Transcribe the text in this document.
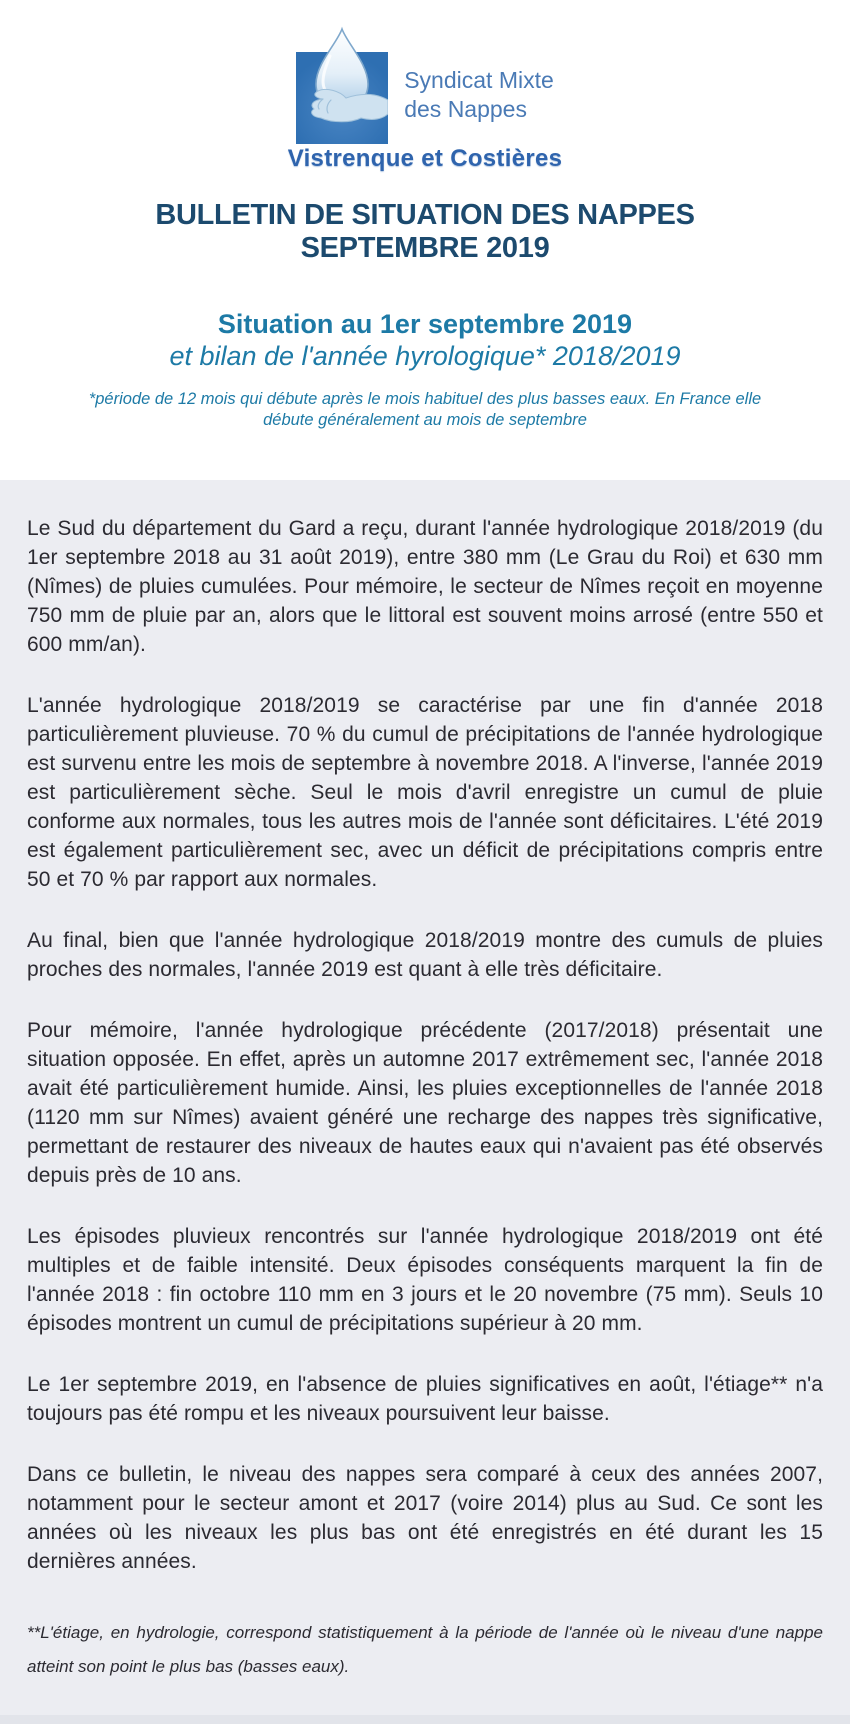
Syndicat Mixte
des Nappes
Vistrenque et Costières
BULLETIN DE SITUATION DES NAPPES
SEPTEMBRE 2019
Situation au 1er septembre 2019
et bilan de l'année hyrologique* 2018/2019
*période de 12 mois qui débute après le mois habituel des plus basses eaux. En France elle
débute généralement au mois de septembre

Le Sud du département du Gard a reçu, durant l'année hydrologique 2018/2019 (du 1er septembre 2018 au 31 août 2019), entre 380 mm (Le Grau du Roi) et 630 mm (Nîmes) de pluies cumulées. Pour mémoire, le secteur de Nîmes reçoit en moyenne 750 mm de pluie par an, alors que le littoral est souvent moins arrosé (entre 550 et 600 mm/an).

L'année hydrologique 2018/2019 se caractérise par une fin d'année 2018 particulièrement pluvieuse. 70 % du cumul de précipitations de l'année hydrologique est survenu entre les mois de septembre à novembre 2018. A l'inverse, l'année 2019 est particulièrement sèche. Seul le mois d'avril enregistre un cumul de pluie conforme aux normales, tous les autres mois de l'année sont déficitaires. L'été 2019 est également particulièrement sec, avec un déficit de précipitations compris entre 50 et 70 % par rapport aux normales.

Au final, bien que l'année hydrologique 2018/2019 montre des cumuls de pluies proches des normales, l'année 2019 est quant à elle très déficitaire.

Pour mémoire, l'année hydrologique précédente (2017/2018) présentait une situation opposée. En effet, après un automne 2017 extrêmement sec, l'année 2018 avait été particulièrement humide. Ainsi, les pluies exceptionnelles de l'année 2018 (1120 mm sur Nîmes) avaient généré une recharge des nappes très significative, permettant de restaurer des niveaux de hautes eaux qui n'avaient pas été observés depuis près de 10 ans.

Les épisodes pluvieux rencontrés sur l'année hydrologique 2018/2019 ont été multiples et de faible intensité. Deux épisodes conséquents marquent la fin de l'année 2018 : fin octobre 110 mm en 3 jours et le 20 novembre (75 mm). Seuls 10 épisodes montrent un cumul de précipitations supérieur à 20 mm.

Le 1er septembre 2019, en l'absence de pluies significatives en août, l'étiage** n'a toujours pas été rompu et les niveaux poursuivent leur baisse.

Dans ce bulletin, le niveau des nappes sera comparé à ceux des années 2007, notamment pour le secteur amont et 2017 (voire 2014) plus au Sud. Ce sont les années où les niveaux les plus bas ont été enregistrés en été durant les 15 dernières années.

**L'étiage, en hydrologie, correspond statistiquement à la période de l'année où le niveau d'une nappe atteint son point le plus bas (basses eaux).
